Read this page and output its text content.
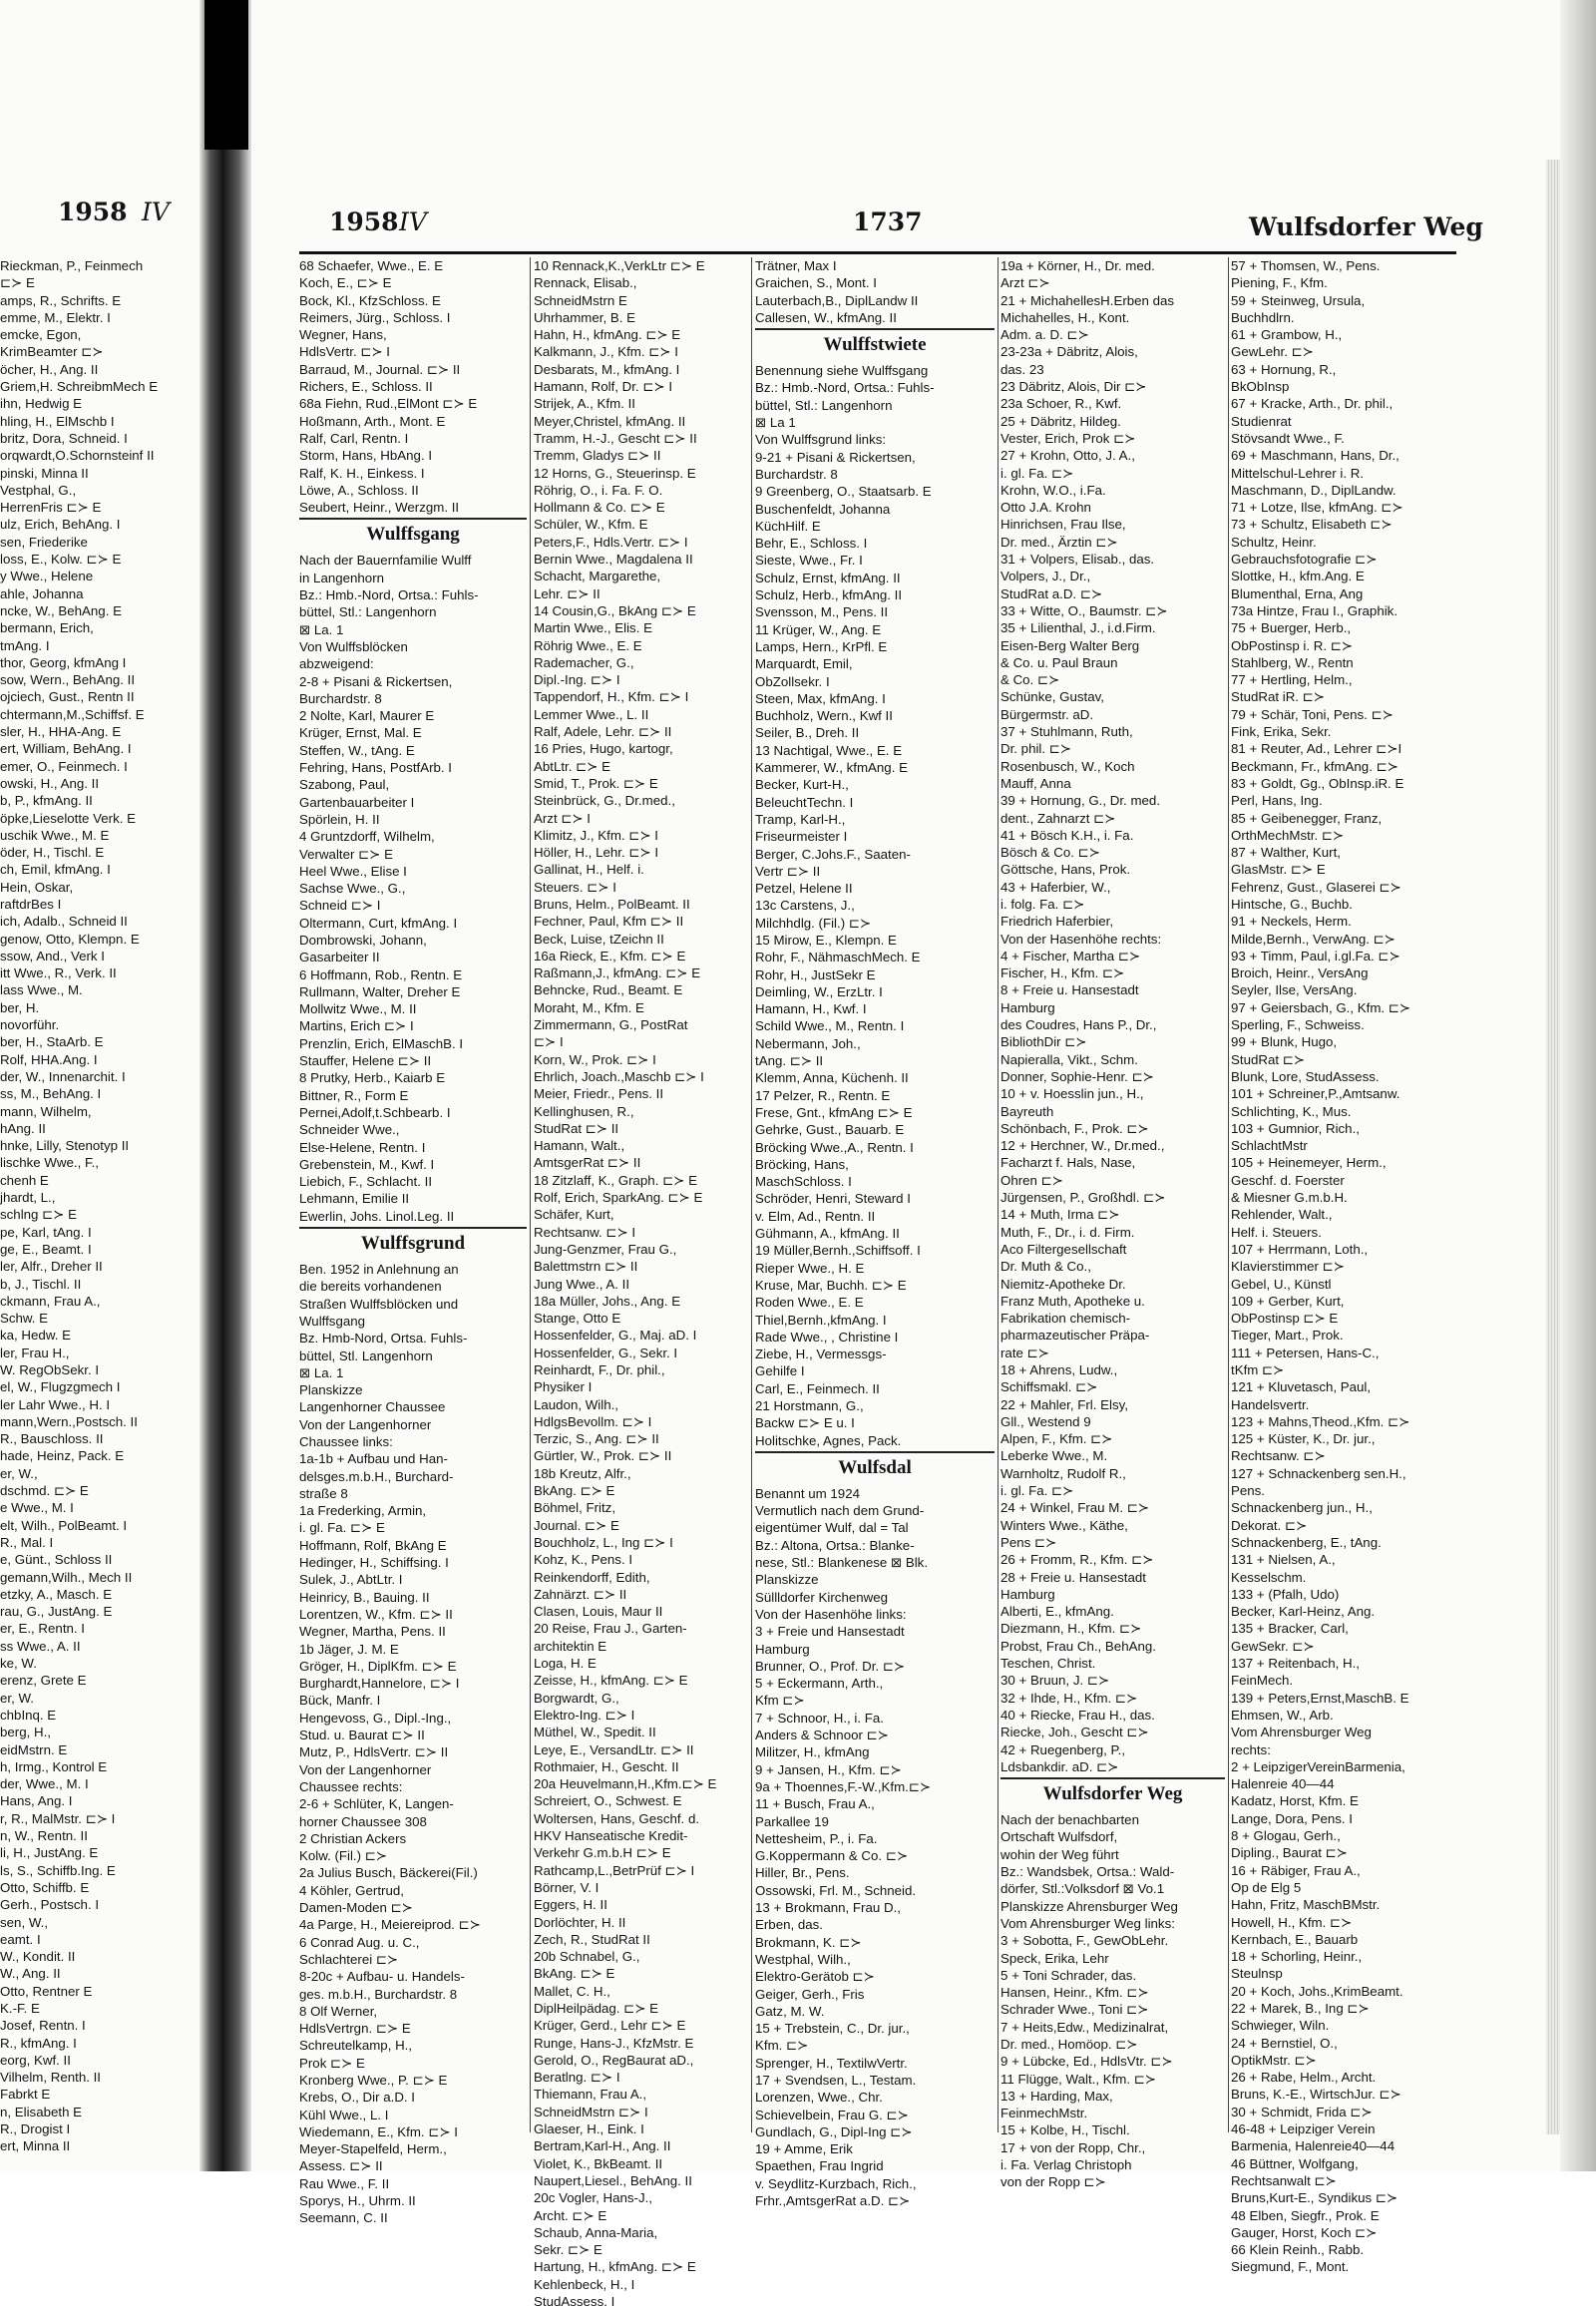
1958 IV	1958 IV	1737	Wulfsdorfer Weg
Rieckman, P., Feinmech
⊏≻ E
amps, R., Schrifts. E
emme, M., Elektr. I
emcke, Egon,
KrimBeamter ⊏≻
öcher, H., Ang. II
Griem,H. SchreibmMech E
ihn, Hedwig E
hling, H., ElMschb I
britz, Dora, Schneid. I
orqwardt,O.Schornsteinf II
pinski, Minna II
Vestphal, G.,
HerrenFris ⊏≻ E
ulz, Erich, BehAng. I
sen, Friederike
loss, E., Kolw. ⊏≻ E
y Wwe., Helene
ahle, Johanna
ncke, W., BehAng. E
bermann, Erich,
tmAng. I
thor, Georg, kfmAng I
sow, Wern., BehAng. II
ojciech, Gust., Rentn II
chtermann,M.,Schiffsf. E
sler, H., HHA-Ang. E
ert, William, BehAng. I
emer, O., Feinmech. I
owski, H., Ang. II
b, P., kfmAng. II
öpke,Lieselotte Verk. E
uschik Wwe., M. E
öder, H., Tischl. E
ch, Emil, kfmAng. I
Hein, Oskar,
raftdrBes I
ich, Adalb., Schneid II
genow, Otto, Klempn. E
ssow, And., Verk I
itt Wwe., R., Verk. II
lass Wwe., M.
ber, H.
novorführ.
ber, H., StaArb. E
Rolf, HHA.Ang. I
der, W., Innenarchit. I
ss, M., BehAng. I
mann, Wilhelm,
hAng. II
hnke, Lilly, Stenotyp II
lischke Wwe., F.,
chenh E
jhardt, L.,
schlng ⊏≻ E
pe, Karl, tAng. I
ge, E., Beamt. I
ler, Alfr., Dreher II
b, J., Tischl. II
ckmann, Frau A.,
Schw. E
ka, Hedw. E
ler, Frau H.,
W. RegObSekr. I
el, W., Flugzgmech I
ler Lahr Wwe., H. I
mann,Wern.,Postsch. II
R., Bauschloss. II
hade, Heinz, Pack. E
er, W.,
dschmd. ⊏≻ E
e Wwe., M. I
elt, Wilh., PolBeamt. I
R., Mal. I
e, Günt., Schloss II
gemann,Wilh., Mech II
etzky, A., Masch. E
rau, G., JustAng. E
er, E., Rentn. I
ss Wwe., A. II
ke, W.
erenz, Grete E
er, W.
chbInq. E
berg, H.,
eidMstrn. E
h, Irmg., Kontrol E
der, Wwe., M. I
Hans, Ang. I
r, R., MalMstr. ⊏≻ I
n, W., Rentn. II
li, H., JustAng. E
ls, S., Schiffb.Ing. E
Otto, Schiffb. E
Gerh., Postsch. I
sen, W.,
eamt. I
W., Kondit. II
W., Ang. II
Otto, Rentner E
K.-F. E
Josef, Rentn. I
R., kfmAng. I
eorg, Kwf. II
Vilhelm, Renth. II
Fabrkt E
n, Elisabeth E
R., Drogist I
ert, Minna II
68 Schaefer, Wwe., E. E
Koch, E., ⊏≻ E
Bock, Kl., KfzSchloss. E
Reimers, Jürg., Schloss. I
Wegner, Hans,
HdlsVertr. ⊏≻ I
Barraud, M., Journal. ⊏≻ II
Richers, E., Schloss. II
68a Fiehn, Rud.,ElMont ⊏≻ E
Hoßmann, Arth., Mont. E
Ralf, Carl, Rentn. I
Storm, Hans, HbAng. I
Ralf, K. H., Einkess. I
Löwe, A., Schloss. II
Seubert, Heinr., Werzgm. II
Wulffsgang
Nach der Bauernfamilie Wulff
in Langenhorn
Bz.: Hmb.-Nord, Ortsa.: Fuhls-
büttel, Stl.: Langenhorn
⊠ La. 1
Von Wulffsblöcken
abzweigend:
2-8 + Pisani & Rickertsen,
Burchardstr. 8
2 Nolte, Karl, Maurer E
Krüger, Ernst, Mal. E
Steffen, W., tAng. E
Fehring, Hans, PostfArb. I
Szabong, Paul,
Gartenbauarbeiter I
Spörlein, H. II
4 Gruntzdorff, Wilhelm,
Verwalter ⊏≻ E
Heel Wwe., Elise I
Sachse Wwe., G.,
Schneid ⊏≻ I
Oltermann, Curt, kfmAng. I
Dombrowski, Johann,
Gasarbeiter II
6 Hoffmann, Rob., Rentn. E
Rullmann, Walter, Dreher E
Mollwitz Wwe., M. II
Martins, Erich ⊏≻ I
Prenzlin, Erich, ElMaschB. I
Stauffer, Helene ⊏≻ II
8 Prutky, Herb., Kaiarb E
Bittner, R., Form E
Pernei,Adolf,t.Schbearb. I
Schneider Wwe.,
Else-Helene, Rentn. I
Grebenstein, M., Kwf. I
Liebich, F., Schlacht. II
Lehmann, Emilie II
Ewerlin, Johs. Linol.Leg. II
Wulffsgrund
Ben. 1952 in Anlehnung an
die bereits vorhandenen
Straßen Wulffsblöcken und
Wulffsgang
Bz. Hmb-Nord, Ortsa. Fuhls-
büttel, Stl. Langenhorn
⊠ La. 1
Planskizze
Langenhorner Chaussee
Von der Langenhorner
Chaussee links:
1a-1b + Aufbau und Han-
delsges.m.b.H., Burchard-
straße 8
1a Frederking, Armin,
i. gl. Fa. ⊏≻ E
Hoffmann, Rolf, BkAng E
Hedinger, H., Schiffsing. I
Sulek, J., AbtLtr. I
Heinricy, B., Bauing. II
Lorentzen, W., Kfm. ⊏≻ II
Wegner, Martha, Pens. II
1b Jäger, J. M. E
Gröger, H., DiplKfm. ⊏≻ E
Burghardt,Hannelore, ⊏≻ I
Bück, Manfr. I
Hengevoss, G., Dipl.-Ing.,
Stud. u. Baurat ⊏≻ II
Mutz, P., HdlsVertr. ⊏≻ II
Von der Langenhorner
Chaussee rechts:
2-6 + Schlüter, K, Langen-
horner Chaussee 308
2 Christian Ackers
Kolw. (Fil.) ⊏≻
2a Julius Busch, Bäckerei(Fil.)
4 Köhler, Gertrud,
Damen-Moden ⊏≻
4a Parge, H., Meiereiprod. ⊏≻
6 Conrad Aug. u. C.,
Schlachterei ⊏≻
8-20c + Aufbau- u. Handels-
ges. m.b.H., Burchardstr. 8
8 Olf Werner,
HdlsVertrgn. ⊏≻ E
Schreutelkamp, H.,
Prok ⊏≻ E
Kronberg Wwe., P. ⊏≻ E
Krebs, O., Dir a.D. I
Kühl Wwe., L. I
Wiedemann, E., Kfm. ⊏≻ I
Meyer-Stapelfeld, Herm.,
Assess. ⊏≻ II
Rau Wwe., F. II
Sporys, H., Uhrm. II
Seemann, C. II
10 Rennack,K.,VerkLtr ⊏≻ E
Rennack, Elisab.,
SchneidMstrn E
Uhrhammer, B. E
Hahn, H., kfmAng. ⊏≻ E
Kalkmann, J., Kfm. ⊏≻ I
Desbarats, M., kfmAng. I
Hamann, Rolf, Dr. ⊏≻ I
Strijek, A., Kfm. II
Meyer,Christel, kfmAng. II
Tramm, H.-J., Gescht ⊏≻ II
Tremm, Gladys ⊏≻ II
12 Horns, G., Steuerinsp. E
Röhrig, O., i. Fa. F. O.
Hollmann & Co. ⊏≻ E
Schüler, W., Kfm. E
Peters,F., Hdls.Vertr. ⊏≻ I
Bernin Wwe., Magdalena II
Schacht, Margarethe,
Lehr. ⊏≻ II
14 Cousin,G., BkAng ⊏≻ E
Martin Wwe., Elis. E
Röhrig Wwe., E. E
Rademacher, G.,
Dipl.-Ing. ⊏≻ I
Tappendorf, H., Kfm. ⊏≻ I
Lemmer Wwe., L. II
Ralf, Adele, Lehr. ⊏≻ II
16 Pries, Hugo, kartogr,
AbtLtr. ⊏≻ E
Smid, T., Prok. ⊏≻ E
Steinbrück, G., Dr.med.,
Arzt ⊏≻ I
Klimitz, J., Kfm. ⊏≻ I
Höller, H., Lehr. ⊏≻ I
Gallinat, H., Helf. i.
Steuers. ⊏≻ I
Bruns, Helm., PolBeamt. II
Fechner, Paul, Kfm ⊏≻ II
Beck, Luise, tZeichn II
16a Rieck, E., Kfm. ⊏≻ E
Raßmann,J., kfmAng. ⊏≻ E
Behncke, Rud., Beamt. E
Moraht, M., Kfm. E
Zimmermann, G., PostRat
⊏≻ I
Korn, W., Prok. ⊏≻ I
Ehrlich, Joach.,Maschb ⊏≻ I
Meier, Friedr., Pens. II
Kellinghusen, R.,
StudRat ⊏≻ II
Hamann, Walt.,
AmtsgerRat ⊏≻ II
18 Zitzlaff, K., Graph. ⊏≻ E
Rolf, Erich, SparkAng. ⊏≻ E
Schäfer, Kurt,
Rechtsanw. ⊏≻ I
Jung-Genzmer, Frau G.,
Balettmstrn ⊏≻ II
Jung Wwe., A. II
18a Müller, Johs., Ang. E
Stange, Otto E
Hossenfelder, G., Maj. aD. I
Hossenfelder, G., Sekr. I
Reinhardt, F., Dr. phil.,
Physiker I
Laudon, Wilh.,
HdlgsBevollm. ⊏≻ I
Terzic, S., Ang. ⊏≻ II
Gürtler, W., Prok. ⊏≻ II
18b Kreutz, Alfr.,
BkAng. ⊏≻ E
Böhmel, Fritz,
Journal. ⊏≻ E
Bouchholz, L., Ing ⊏≻ I
Kohz, K., Pens. I
Reinkendorff, Edith,
Zahnärzt. ⊏≻ II
Clasen, Louis, Maur II
20 Reise, Frau J., Garten-
architektin E
Loga, H. E
Zeisse, H., kfmAng. ⊏≻ E
Borgwardt, G.,
Elektro-Ing. ⊏≻ I
Müthel, W., Spedit. II
Leye, E., VersandLtr. ⊏≻ II
Rothmaier, H., Gescht. II
20a Heuvelmann,H.,Kfm.⊏≻ E
Schreiert, O., Schwest. E
Woltersen, Hans, Geschf. d.
HKV Hanseatische Kredit-
Verkehr G.m.b.H ⊏≻ E
Rathcamp,L.,BetrPrüf ⊏≻ I
Börner, V. I
Eggers, H. II
Dorlöchter, H. II
Zech, R., StudRat II
20b Schnabel, G.,
BkAng. ⊏≻ E
Mallet, C. H.,
DiplHeilpädag. ⊏≻ E
Krüger, Gerd., Lehr ⊏≻ E
Runge, Hans-J., KfzMstr. E
Gerold, O., RegBaurat aD.,
Beratlng. ⊏≻ I
Thiemann, Frau A.,
SchneidMstrn ⊏≻ I
Glaeser, H., Eink. I
Bertram,Karl-H., Ang. II
Violet, K., BkBeamt. II
Naupert,Liesel., BehAng. II
20c Vogler, Hans-J.,
Archt. ⊏≻ E
Schaub, Anna-Maria,
Sekr. ⊏≻ E
Hartung, H., kfmAng. ⊏≻ E
Kehlenbeck, H., I
StudAssess. I
Trätner, Max I
Graichen, S., Mont. I
Lauterbach,B., DiplLandw II
Callesen, W., kfmAng. II
Wulffstwiete
Benennung siehe Wulffsgang
Bz.: Hmb.-Nord, Ortsa.: Fuhls-
büttel, Stl.: Langenhorn
⊠ La 1
Von Wulffsgrund links:
9-21 + Pisani & Rickertsen,
Burchardstr. 8
9 Greenberg, O., Staatsarb. E
Buschenfeldt, Johanna
KüchHilf. E
Behr, E., Schloss. I
Sieste, Wwe., Fr. I
Schulz, Ernst, kfmAng. II
Schulz, Herb., kfmAng. II
Svensson, M., Pens. II
11 Krüger, W., Ang. E
Lamps, Hern., KrPfl. E
Marquardt, Emil,
ObZollsekr. I
Steen, Max, kfmAng. I
Buchholz, Wern., Kwf II
Seiler, B., Dreh. II
13 Nachtigal, Wwe., E. E
Kammerer, W., kfmAng. E
Becker, Kurt-H.,
BeleuchtTechn. I
Tramp, Karl-H.,
Friseurmeister I
Berger, C.Johs.F., Saaten-
Vertr ⊏≻ II
Petzel, Helene II
13c Carstens, J.,
Milchhdlg. (Fil.) ⊏≻
15 Mirow, E., Klempn. E
Rohr, F., NähmaschMech. E
Rohr, H., JustSekr E
Deimling, W., ErzLtr. I
Hamann, H., Kwf. I
Schild Wwe., M., Rentn. I
Nebermann, Joh.,
tAng. ⊏≻ II
Klemm, Anna, Küchenh. II
17 Pelzer, R., Rentn. E
Frese, Gnt., kfmAng ⊏≻ E
Gehrke, Gust., Bauarb. E
Bröcking Wwe.,A., Rentn. I
Bröcking, Hans,
MaschSchloss. I
Schröder, Henri, Steward I
v. Elm, Ad., Rentn. II
Gühmann, A., kfmAng. II
19 Müller,Bernh.,Schiffsoff. I
Rieper Wwe., H. E
Kruse, Mar, Buchh. ⊏≻ E
Roden Wwe., E. E
Thiel,Bernh.,kfmAng. I
Rade Wwe., , Christine I
Ziebe, H., Vermessgs-
Gehilfe I
Carl, E., Feinmech. II
21 Horstmann, G.,
Backw ⊏≻ E u. I
Holitschke, Agnes, Pack.
Wulfsdal
Benannt um 1924
Vermutlich nach dem Grund-
eigentümer Wulf, dal = Tal
Bz.: Altona, Ortsa.: Blanke-
nese, Stl.: Blankenese ⊠ Blk.
Planskizze
Süllldorfer Kirchenweg
Von der Hasenhöhe links:
3 + Freie und Hansestadt
Hamburg
Brunner, O., Prof. Dr. ⊏≻
5 + Eckermann, Arth.,
Kfm ⊏≻
7 + Schnoor, H., i. Fa.
Anders & Schnoor ⊏≻
Militzer, H., kfmAng
9 + Jansen, H., Kfm. ⊏≻
9a + Thoennes,F.-W.,Kfm.⊏≻
11 + Busch, Frau A.,
Parkallee 19
Nettesheim, P., i. Fa.
G.Koppermann & Co. ⊏≻
Hiller, Br., Pens.
Ossowski, Frl. M., Schneid.
13 + Brokmann, Frau D.,
Erben, das.
Brokmann, K. ⊏≻
Westphal, Wilh.,
Elektro-Gerätob ⊏≻
Geiger, Gerh., Fris
Gatz, M. W.
15 + Trebstein, C., Dr. jur.,
Kfm. ⊏≻
Sprenger, H., TextilwVertr.
17 + Svendsen, L., Testam.
Lorenzen, Wwe., Chr.
Schievelbein, Frau G. ⊏≻
Gundlach, G., Dipl-Ing ⊏≻
19 + Amme, Erik
Spaethen, Frau Ingrid
v. Seydlitz-Kurzbach, Rich.,
Frhr.,AmtsgerRat a.D. ⊏≻
19a + Körner, H., Dr. med.
Arzt ⊏≻
21 + MichahellesH.Erben das
Michahelles, H., Kont.
Adm. a. D. ⊏≻
23-23a + Däbritz, Alois,
das. 23
23 Däbritz, Alois, Dir ⊏≻
23a Schoer, R., Kwf.
25 + Däbritz, Hildeg.
Vester, Erich, Prok ⊏≻
27 + Krohn, Otto, J. A.,
i. gl. Fa. ⊏≻
Krohn, W.O., i.Fa.
Otto J.A. Krohn
Hinrichsen, Frau Ilse,
Dr. med., Ärztin ⊏≻
31 + Volpers, Elisab., das.
Volpers, J., Dr.,
StudRat a.D. ⊏≻
33 + Witte, O., Baumstr. ⊏≻
35 + Lilienthal, J., i.d.Firm.
Eisen-Berg Walter Berg
& Co. u. Paul Braun
& Co. ⊏≻
Schünke, Gustav,
Bürgermstr. aD.
37 + Stuhlmann, Ruth,
Dr. phil. ⊏≻
Rosenbusch, W., Koch
Mauff, Anna
39 + Hornung, G., Dr. med.
dent., Zahnarzt ⊏≻
41 + Bösch K.H., i. Fa.
Bösch & Co. ⊏≻
Göttsche, Hans, Prok.
43 + Haferbier, W.,
i. folg. Fa. ⊏≻
Friedrich Haferbier,
Von der Hasenhöhe rechts:
4 + Fischer, Martha ⊏≻
Fischer, H., Kfm. ⊏≻
8 + Freie u. Hansestadt
Hamburg
des Coudres, Hans P., Dr.,
BibliothDir ⊏≻
Napieralla, Vikt., Schm.
Donner, Sophie-Henr. ⊏≻
10 + v. Hoesslin jun., H.,
Bayreuth
Schönbach, F., Prok. ⊏≻
12 + Herchner, W., Dr.med.,
Facharzt f. Hals, Nase,
Ohren ⊏≻
Jürgensen, P., Großhdl. ⊏≻
14 + Muth, Irma ⊏≻
Muth, F., Dr., i. d. Firm.
Aco Filtergesellschaft
Dr. Muth & Co.,
Niemitz-Apotheke Dr.
Franz Muth, Apotheke u.
Fabrikation chemisch-
pharmazeutischer Präpa-
rate ⊏≻
18 + Ahrens, Ludw.,
Schiffsmakl. ⊏≻
22 + Mahler, Frl. Elsy,
Gll., Westend 9
Alpen, F., Kfm. ⊏≻
Leberke Wwe., M.
Warnholtz, Rudolf R.,
i. gl. Fa. ⊏≻
24 + Winkel, Frau M. ⊏≻
Winters Wwe., Käthe,
Pens ⊏≻
26 + Fromm, R., Kfm. ⊏≻
28 + Freie u. Hansestadt
Hamburg
Alberti, E., kfmAng.
Diezmann, H., Kfm. ⊏≻
Probst, Frau Ch., BehAng.
Teschen, Christ.
30 + Bruun, J. ⊏≻
32 + Ihde, H., Kfm. ⊏≻
40 + Riecke, Frau H., das.
Riecke, Joh., Gescht ⊏≻
42 + Ruegenberg, P.,
Ldsbankdir. aD. ⊏≻
Wulfsdorfer Weg
Nach der benachbarten
Ortschaft Wulfsdorf,
wohin der Weg führt
Bz.: Wandsbek, Ortsa.: Wald-
dörfer, Stl.:Volksdorf ⊠ Vo.1
Planskizze Ahrensburger Weg
Vom Ahrensburger Weg links:
3 + Sobotta, F., GewObLehr.
Speck, Erika, Lehr
5 + Toni Schrader, das.
Hansen, Heinr., Kfm. ⊏≻
Schrader Wwe., Toni ⊏≻
7 + Heits,Edw., Medizinalrat,
Dr. med., Homöop. ⊏≻
9 + Lübcke, Ed., HdlsVtr. ⊏≻
11 Flügge, Walt., Kfm. ⊏≻
13 + Harding, Max,
FeinmechMstr.
15 + Kolbe, H., Tischl.
17 + von der Ropp, Chr.,
i. Fa. Verlag Christoph
von der Ropp ⊏≻
57 + Thomsen, W., Pens.
Piening, F., Kfm.
59 + Steinweg, Ursula,
Buchhdlrn.
61 + Grambow, H.,
GewLehr. ⊏≻
63 + Hornung, R.,
BkObInsp
67 + Kracke, Arth., Dr. phil.,
Studienrat
Stövsandt Wwe., F.
69 + Maschmann, Hans, Dr.,
Mittelschul-Lehrer i. R.
Maschmann, D., DiplLandw.
71 + Lotze, Ilse, kfmAng. ⊏≻
73 + Schultz, Elisabeth ⊏≻
Schultz, Heinr.
Gebrauchsfotografie ⊏≻
Slottke, H., kfm.Ang. E
Blumenthal, Erna, Ang
73a Hintze, Frau I., Graphik.
75 + Buerger, Herb.,
ObPostinsp i. R. ⊏≻
Stahlberg, W., Rentn
77 + Hertling, Helm.,
StudRat iR. ⊏≻
79 + Schär, Toni, Pens. ⊏≻
Fink, Erika, Sekr.
81 + Reuter, Ad., Lehrer ⊏≻I
Beckmann, Fr., kfmAng. ⊏≻
83 + Goldt, Gg., ObInsp.iR. E
Perl, Hans, Ing.
85 + Geibenegger, Franz,
OrthMechMstr. ⊏≻
87 + Walther, Kurt,
GlasMstr. ⊏≻ E
Fehrenz, Gust., Glaserei ⊏≻
Hintsche, G., Buchb.
91 + Neckels, Herm.
Milde,Bernh., VerwAng. ⊏≻
93 + Timm, Paul, i.gl.Fa. ⊏≻
Broich, Heinr., VersAng
Seyler, Ilse, VersAng.
97 + Geiersbach, G., Kfm. ⊏≻
Sperling, F., Schweiss.
99 + Blunk, Hugo,
StudRat ⊏≻
Blunk, Lore, StudAssess.
101 + Schreiner,P.,Amtsanw.
Schlichting, K., Mus.
103 + Gumnior, Rich.,
SchlachtMstr
105 + Heinemeyer, Herm.,
Geschf. d. Foerster
& Miesner G.m.b.H.
Rehlender, Walt.,
Helf. i. Steuers.
107 + Herrmann, Loth.,
Klavierstimmer ⊏≻
Gebel, U., Künstl
109 + Gerber, Kurt,
ObPostinsp ⊏≻ E
Tieger, Mart., Prok.
111 + Petersen, Hans-C.,
tKfm ⊏≻
121 + Kluvetasch, Paul,
Handelsvertr.
123 + Mahns,Theod.,Kfm. ⊏≻
125 + Küster, K., Dr. jur.,
Rechtsanw. ⊏≻
127 + Schnackenberg sen.H.,
Pens.
Schnackenberg jun., H.,
Dekorat. ⊏≻
Schnackenberg, E., tAng.
131 + Nielsen, A.,
Kesselschm.
133 + (Pfalh, Udo)
Becker, Karl-Heinz, Ang.
135 + Bracker, Carl,
GewSekr. ⊏≻
137 + Reitenbach, H.,
FeinMech.
139 + Peters,Ernst,MaschB. E
Ehmsen, W., Arb.
Vom Ahrensburger Weg
rechts:
2 + LeipzigerVereinBarmenia,
Halenreie 40—44
Kadatz, Horst, Kfm. E
Lange, Dora, Pens. I
8 + Glogau, Gerh.,
Dipling., Baurat ⊏≻
16 + Räbiger, Frau A.,
Op de Elg 5
Hahn, Fritz, MaschBMstr.
Howell, H., Kfm. ⊏≻
Kernbach, E., Bauarb
18 + Schorling, Heinr.,
Steulnsp
20 + Koch, Johs.,KrimBeamt.
22 + Marek, B., Ing ⊏≻
Schwieger, Wiln.
24 + Bernstiel, O.,
OptikMstr. ⊏≻
26 + Rabe, Helm., Archt.
Bruns, K.-E., WirtschJur. ⊏≻
30 + Schmidt, Frida ⊏≻
46-48 + Leipziger Verein
Barmenia, Halenreie40—44
46 Büttner, Wolfgang,
Rechtsanwalt ⊏≻
Bruns,Kurt-E., Syndikus ⊏≻
48 Elben, Siegfr., Prok. E
Gauger, Horst, Koch ⊏≻
66 Klein Reinh., Rabb.
Siegmund, F., Mont.
